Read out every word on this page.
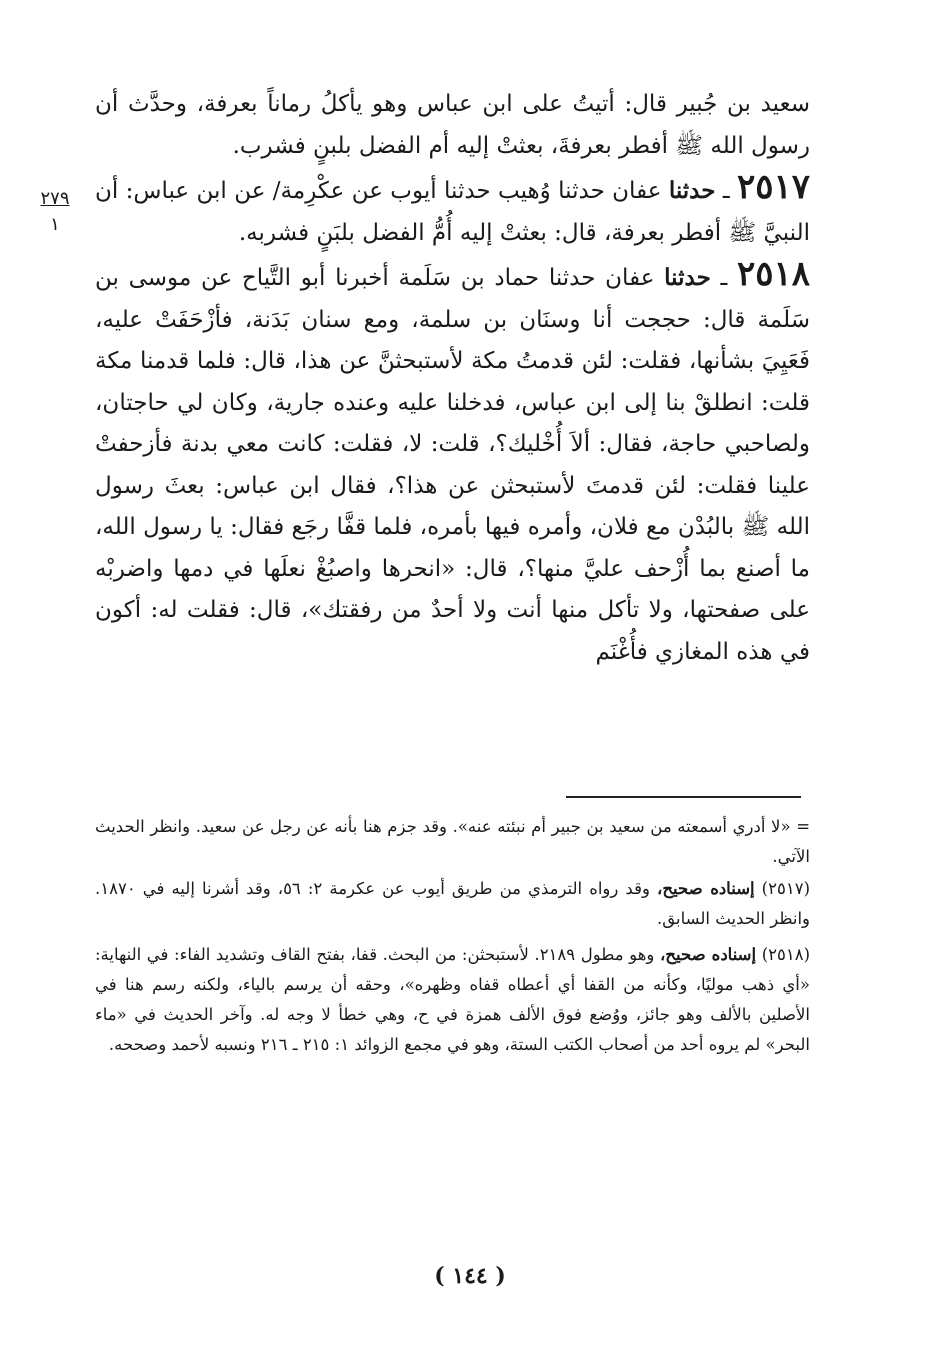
سعيد بن جُبير قال: أتيتُ على ابن عباس وهو يأكلُ رماناً بعرفة، وحدَّث أن رسول الله ﷺ أفطر بعرفةَ، بعثتْ إليه أم الفضل بلبنٍ فشرب.

٢٥١٧ ـ حدثنا عفان حدثنا وُهيب حدثنا أيوب عن عكْرِمة/ عن ابن عباس: أن النبيَّ ﷺ أفطر بعرفة، قال: بعثتْ إليه أُمُّ الفضل بلبَنٍ فشربه.

٢٥١٨ ـ حدثنا عفان حدثنا حماد بن سَلَمة أخبرنا أبو التَّياح عن موسى بن سَلَمة قال: حججت أنا وسنَان بن سلمة، ومع سنان بَدَنة، فأزْحَفَتْ عليه، فَعَيِيَ بشأنها، فقلت: لئن قدمتُ مكة لأستبحثنَّ عن هذا، قال: فلما قدمنا مكة قلت: انطلقْ بنا إلى ابن عباس، فدخلنا عليه وعنده جارية، وكان لي حاجتان، ولصاحبي حاجة، فقال: ألاَ أُخْليك؟، قلت: لا، فقلت: كانت معي بدنة فأزحفتْ علينا فقلت: لئن قدمتَ لأستبحثن عن هذا؟، فقال ابن عباس: بعثَ رسول الله ﷺ بالبُدْن مع فلان، وأمره فيها بأمره، فلما قفَّا رجَع فقال: يا رسول الله، ما أصنع بما أُزْحف عليَّ منها؟، قال: «انحرها واصبُغْ نعلَها في دمها واضربْه على صفحتها، ولا تأكل منها أنت ولا أحدٌ من رفقتك»، قال: فقلت له: أكون في هذه المغازي فأُغْنَم

٢٧٩
١

= «لا أدري أسمعته من سعيد بن جبير أم نبئته عنه». وقد جزم هنا بأنه عن رجل عن سعيد. وانظر الحديث الآتي.

(٢٥١٧) إسناده صحيح، وقد رواه الترمذي من طريق أيوب عن عكرمة ٢: ٥٦، وقد أشرنا إليه في ١٨٧٠. وانظر الحديث السابق.

(٢٥١٨) إسناده صحيح، وهو مطول ٢١٨٩. لأستبحثن: من البحث. قفا، بفتح القاف وتشديد الفاء: في النهاية: «أي ذهب موليًا، وكأنه من القفا أي أعطاه قفاه وظهره»، وحقه أن يرسم بالياء، ولكنه رسم هنا في الأصلين بالألف وهو جائز، ووُضع فوق الألف همزة في ح، وهي خطأ لا وجه له. وآخر الحديث في «ماء البحر» لم يروه أحد من أصحاب الكتب الستة، وهو في مجمع الزوائد ١: ٢١٥ ـ ٢١٦ ونسبه لأحمد وصححه.

( ١٤٤ )
